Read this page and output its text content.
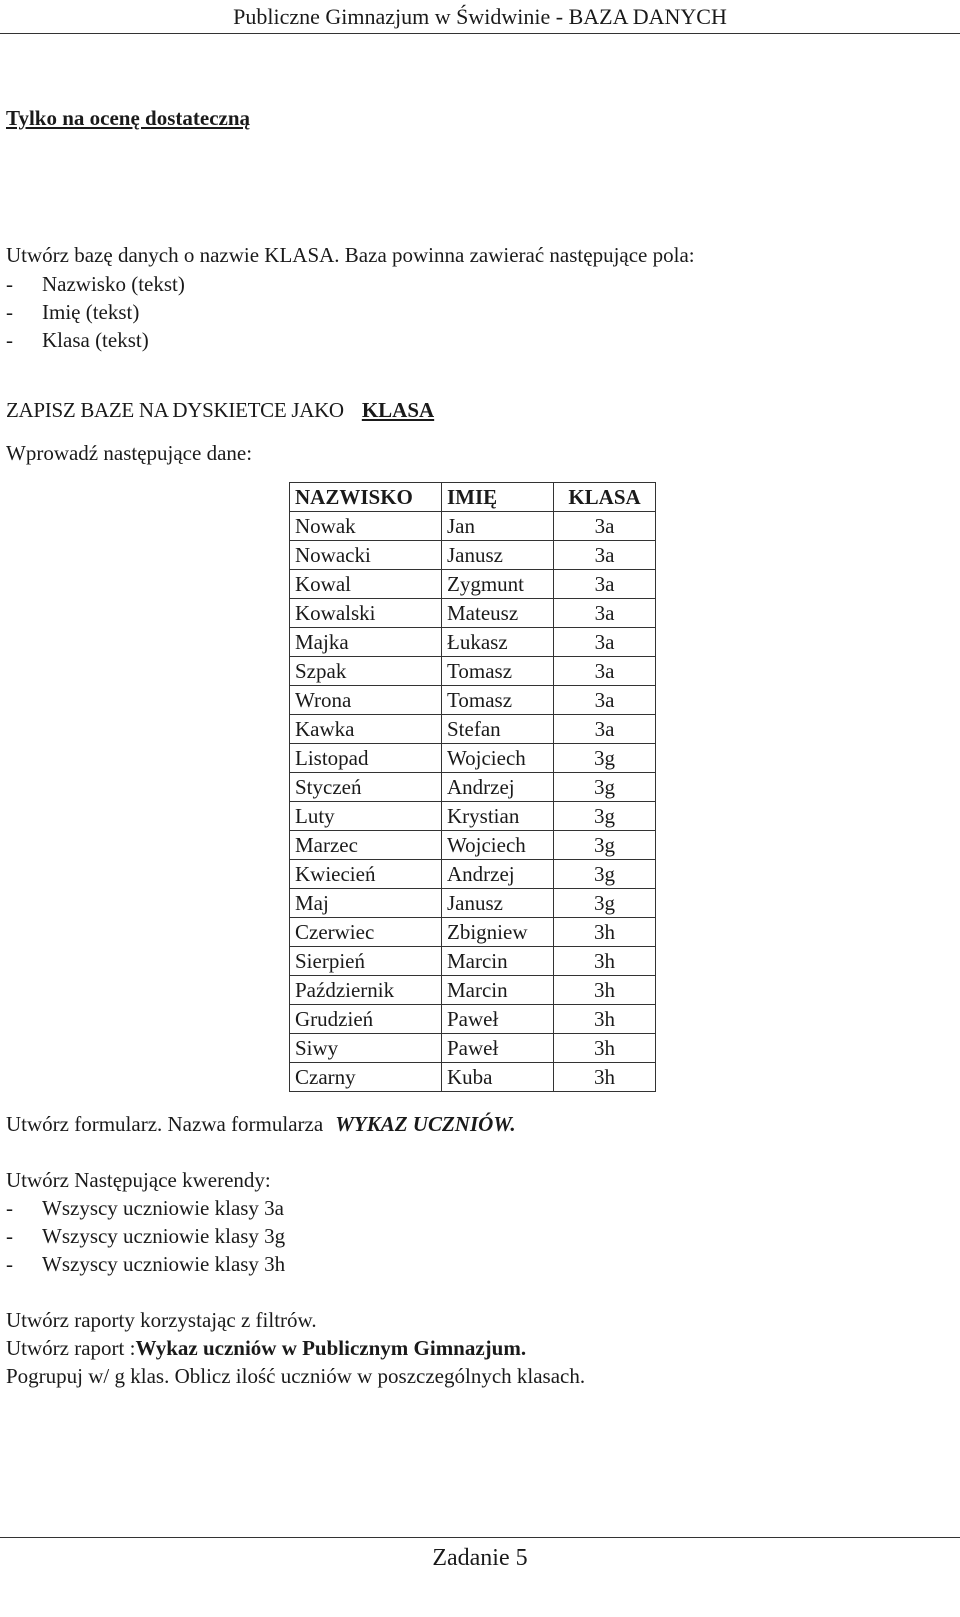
Publiczne Gimnazjum w Świdwinie - BAZA DANYCH
Tylko na ocenę dostateczną
Utwórz bazę danych o nazwie KLASA. Baza powinna zawierać następujące pola:
- Nazwisko (tekst)
- Imię (tekst)
- Klasa (tekst)
ZAPISZ BAZE NA DYSKIETCE JAKO KLASA
Wprowadź następujące dane:
NAZWISKO	IMIĘ	KLASA
Nowak	Jan	3a
Nowacki	Janusz	3a
Kowal	Zygmunt	3a
Kowalski	Mateusz	3a
Majka	Łukasz	3a
Szpak	Tomasz	3a
Wrona	Tomasz	3a
Kawka	Stefan	3a
Listopad	Wojciech	3g
Styczeń	Andrzej	3g
Luty	Krystian	3g
Marzec	Wojciech	3g
Kwiecień	Andrzej	3g
Maj	Janusz	3g
Czerwiec	Zbigniew	3h
Sierpień	Marcin	3h
Październik	Marcin	3h
Grudzień	Paweł	3h
Siwy	Paweł	3h
Czarny	Kuba	3h
Utwórz formularz. Nazwa formularza WYKAZ UCZNIÓW.
Utwórz Następujące kwerendy:
- Wszyscy uczniowie klasy 3a
- Wszyscy uczniowie klasy 3g
- Wszyscy uczniowie klasy 3h
Utwórz raporty korzystając z filtrów.
Utwórz raport :Wykaz uczniów w Publicznym Gimnazjum.
Pogrupuj w/ g klas. Oblicz ilość uczniów w poszczególnych klasach.
Zadanie 5
